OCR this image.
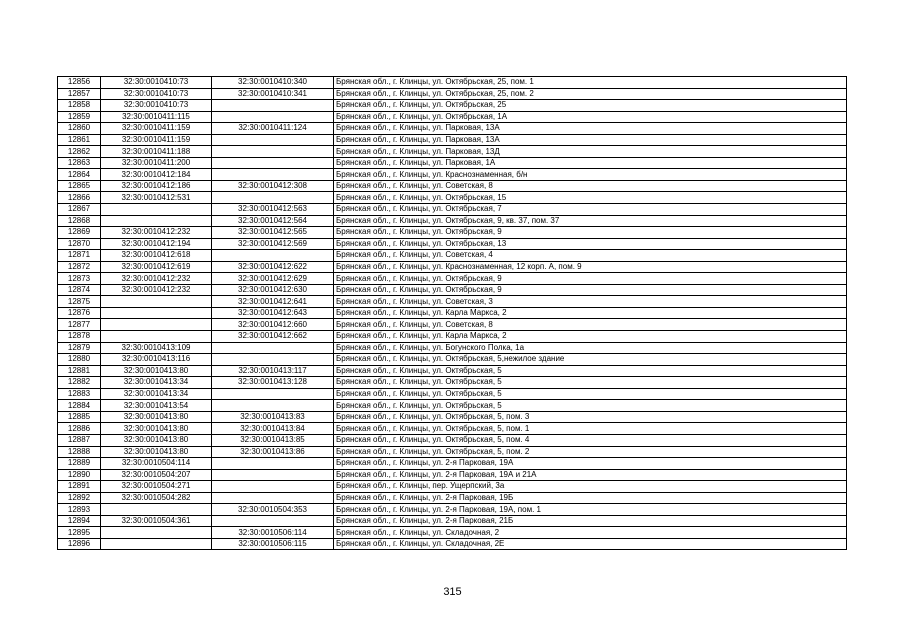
12856	32:30:0010410:73	32:30:0010410:340	Брянская обл., г. Клинцы, ул. Октябрьская, 25, пом. 1
12857	32:30:0010410:73	32:30:0010410:341	Брянская обл., г. Клинцы, ул. Октябрьская, 25, пом. 2
12858	32:30:0010410:73		Брянская обл., г. Клинцы, ул. Октябрьская, 25
12859	32:30:0010411:115		Брянская обл., г. Клинцы, ул. Октябрьская, 1А
12860	32:30:0010411:159	32:30:0010411:124	Брянская обл., г. Клинцы, ул. Парковая, 13А
12861	32:30:0010411:159		Брянская обл., г. Клинцы, ул. Парковая, 13А
12862	32:30:0010411:188		Брянская обл., г. Клинцы, ул. Парковая, 13Д
12863	32:30:0010411:200		Брянская обл., г. Клинцы, ул. Парковая, 1А
12864	32:30:0010412:184		Брянская обл., г. Клинцы, ул. Краснознаменная, б/н
12865	32:30:0010412:186	32:30:0010412:308	Брянская обл., г. Клинцы, ул. Советская, 8
12866	32:30:0010412:531		Брянская обл., г. Клинцы, ул. Октябрьская, 15
12867		32:30:0010412:563	Брянская обл., г. Клинцы, ул. Октябрьская, 7
12868		32:30:0010412:564	Брянская обл., г. Клинцы, ул. Октябрьская, 9, кв. 37, пом. 37
12869	32:30:0010412:232	32:30:0010412:565	Брянская обл., г. Клинцы, ул. Октябрьская, 9
12870	32:30:0010412:194	32:30:0010412:569	Брянская обл., г. Клинцы, ул. Октябрьская, 13
12871	32:30:0010412:618		Брянская обл., г. Клинцы, ул. Советская, 4
12872	32:30:0010412:619	32:30:0010412:622	Брянская обл., г. Клинцы, ул. Краснознаменная, 12 корп. А, пом. 9
12873	32:30:0010412:232	32:30:0010412:629	Брянская обл., г. Клинцы, ул. Октябрьская, 9
12874	32:30:0010412:232	32:30:0010412:630	Брянская обл., г. Клинцы, ул. Октябрьская, 9
12875		32:30:0010412:641	Брянская обл., г. Клинцы, ул. Советская, 3
12876		32:30:0010412:643	Брянская обл., г. Клинцы, ул. Карла Маркса, 2
12877		32:30:0010412:660	Брянская обл., г. Клинцы, ул. Советская, 8
12878		32:30:0010412:662	Брянская обл., г. Клинцы, ул. Карла Маркса, 2
12879	32:30:0010413:109		Брянская обл., г. Клинцы, ул. Богунского Полка, 1а
12880	32:30:0010413:116		Брянская обл., г. Клинцы, ул. Октябрьская, 5,нежилое здание
12881	32:30:0010413:80	32:30:0010413:117	Брянская обл., г. Клинцы, ул. Октябрьская, 5
12882	32:30:0010413:34	32:30:0010413:128	Брянская обл., г. Клинцы, ул. Октябрьская, 5
12883	32:30:0010413:34		Брянская обл., г. Клинцы, ул. Октябрьская, 5
12884	32:30:0010413:54		Брянская обл., г. Клинцы, ул. Октябрьская, 5
12885	32:30:0010413:80	32:30:0010413:83	Брянская обл., г. Клинцы, ул. Октябрьская, 5, пом. 3
12886	32:30:0010413:80	32:30:0010413:84	Брянская обл., г. Клинцы, ул. Октябрьская, 5, пом. 1
12887	32:30:0010413:80	32:30:0010413:85	Брянская обл., г. Клинцы, ул. Октябрьская, 5, пом. 4
12888	32:30:0010413:80	32:30:0010413:86	Брянская обл., г. Клинцы, ул. Октябрьская, 5, пом. 2
12889	32:30:0010504:114		Брянская обл., г. Клинцы, ул. 2-я Парковая, 19А
12890	32:30:0010504:207		Брянская обл., г. Клинцы, ул. 2-я Парковая, 19А и 21А
12891	32:30:0010504:271		Брянская обл., г. Клинцы, пер. Ущерпский, 3а
12892	32:30:0010504:282		Брянская обл., г. Клинцы, ул. 2-я Парковая, 19Б
12893		32:30:0010504:353	Брянская обл., г. Клинцы, ул. 2-я Парковая, 19А, пом. 1
12894	32:30:0010504:361		Брянская обл., г. Клинцы, ул. 2-я Парковая, 21Б
12895		32:30:0010506:114	Брянская обл., г. Клинцы, ул. Складочная, 2
12896		32:30:0010506:115	Брянская обл., г. Клинцы, ул. Складочная, 2Е
315
